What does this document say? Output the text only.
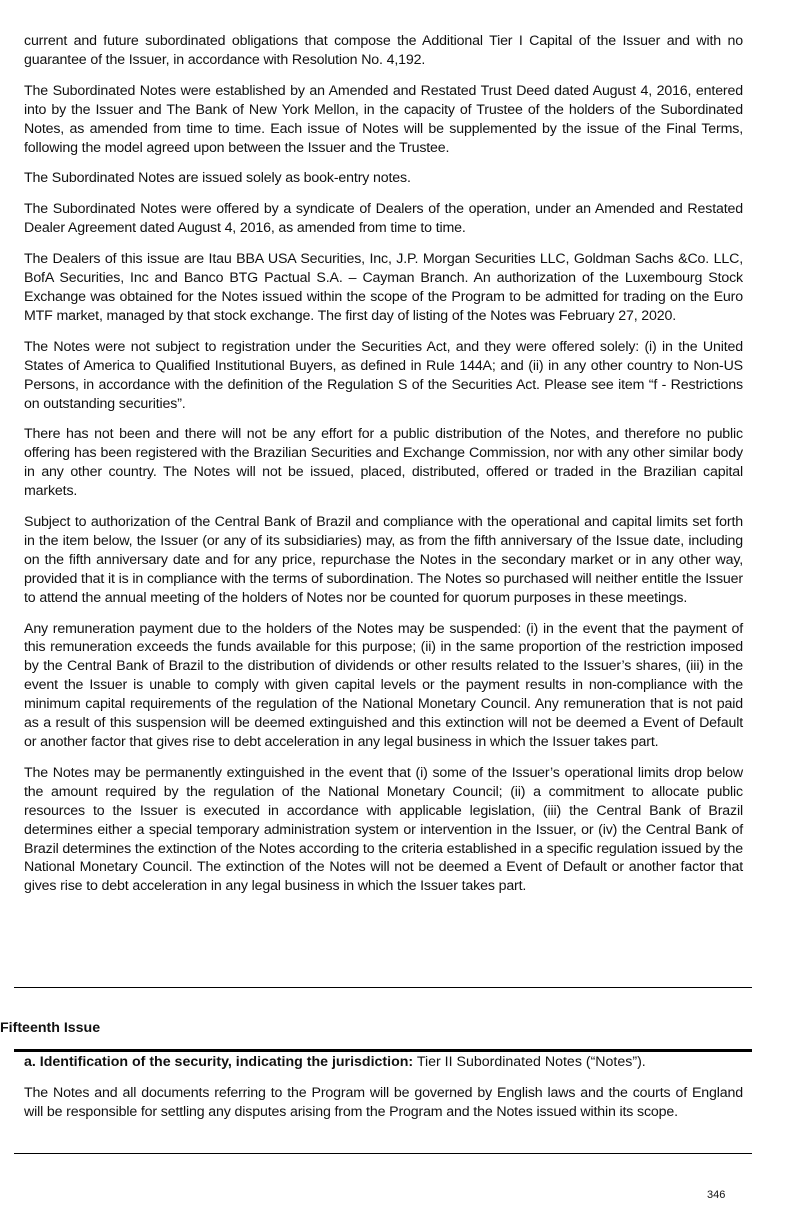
current and future subordinated obligations that compose the Additional Tier I Capital of the Issuer and with no guarantee of the Issuer, in accordance with Resolution No. 4,192.

The Subordinated Notes were established by an Amended and Restated Trust Deed dated August 4, 2016, entered into by the Issuer and The Bank of New York Mellon, in the capacity of Trustee of the holders of the Subordinated Notes, as amended from time to time. Each issue of Notes will be supplemented by the issue of the Final Terms, following the model agreed upon between the Issuer and the Trustee.

The Subordinated Notes are issued solely as book-entry notes.

The Subordinated Notes were offered by a syndicate of Dealers of the operation, under an Amended and Restated Dealer Agreement dated August 4, 2016, as amended from time to time.

The Dealers of this issue are Itau BBA USA Securities, Inc, J.P. Morgan Securities LLC, Goldman Sachs &Co. LLC, BofA Securities, Inc and Banco BTG Pactual S.A. – Cayman Branch. An authorization of the Luxembourg Stock Exchange was obtained for the Notes issued within the scope of the Program to be admitted for trading on the Euro MTF market, managed by that stock exchange. The first day of listing of the Notes was February 27, 2020.

The Notes were not subject to registration under the Securities Act, and they were offered solely: (i) in the United States of America to Qualified Institutional Buyers, as defined in Rule 144A; and (ii) in any other country to Non-US Persons, in accordance with the definition of the Regulation S of the Securities Act. Please see item “f - Restrictions on outstanding securities”.

There has not been and there will not be any effort for a public distribution of the Notes, and therefore no public offering has been registered with the Brazilian Securities and Exchange Commission, nor with any other similar body in any other country. The Notes will not be issued, placed, distributed, offered or traded in the Brazilian capital markets.

Subject to authorization of the Central Bank of Brazil and compliance with the operational and capital limits set forth in the item below, the Issuer (or any of its subsidiaries) may, as from the fifth anniversary of the Issue date, including on the fifth anniversary date and for any price, repurchase the Notes in the secondary market or in any other way, provided that it is in compliance with the terms of subordination. The Notes so purchased will neither entitle the Issuer to attend the annual meeting of the holders of Notes nor be counted for quorum purposes in these meetings.

Any remuneration payment due to the holders of the Notes may be suspended: (i) in the event that the payment of this remuneration exceeds the funds available for this purpose; (ii) in the same proportion of the restriction imposed by the Central Bank of Brazil to the distribution of dividends or other results related to the Issuer’s shares, (iii) in the event the Issuer is unable to comply with given capital levels or the payment results in non-compliance with the minimum capital requirements of the regulation of the National Monetary Council. Any remuneration that is not paid as a result of this suspension will be deemed extinguished and this extinction will not be deemed a Event of Default or another factor that gives rise to debt acceleration in any legal business in which the Issuer takes part.

The Notes may be permanently extinguished in the event that (i) some of the Issuer’s operational limits drop below the amount required by the regulation of the National Monetary Council; (ii) a commitment to allocate public resources to the Issuer is executed in accordance with applicable legislation, (iii) the Central Bank of Brazil determines either a special temporary administration system or intervention in the Issuer, or (iv) the Central Bank of Brazil determines the extinction of the Notes according to the criteria established in a specific regulation issued by the National Monetary Council. The extinction of the Notes will not be deemed a Event of Default or another factor that gives rise to debt acceleration in any legal business in which the Issuer takes part.

Fifteenth Issue

a. Identification of the security, indicating the jurisdiction: Tier II Subordinated Notes (“Notes”).

The Notes and all documents referring to the Program will be governed by English laws and the courts of England will be responsible for settling any disputes arising from the Program and the Notes issued within its scope.

346
